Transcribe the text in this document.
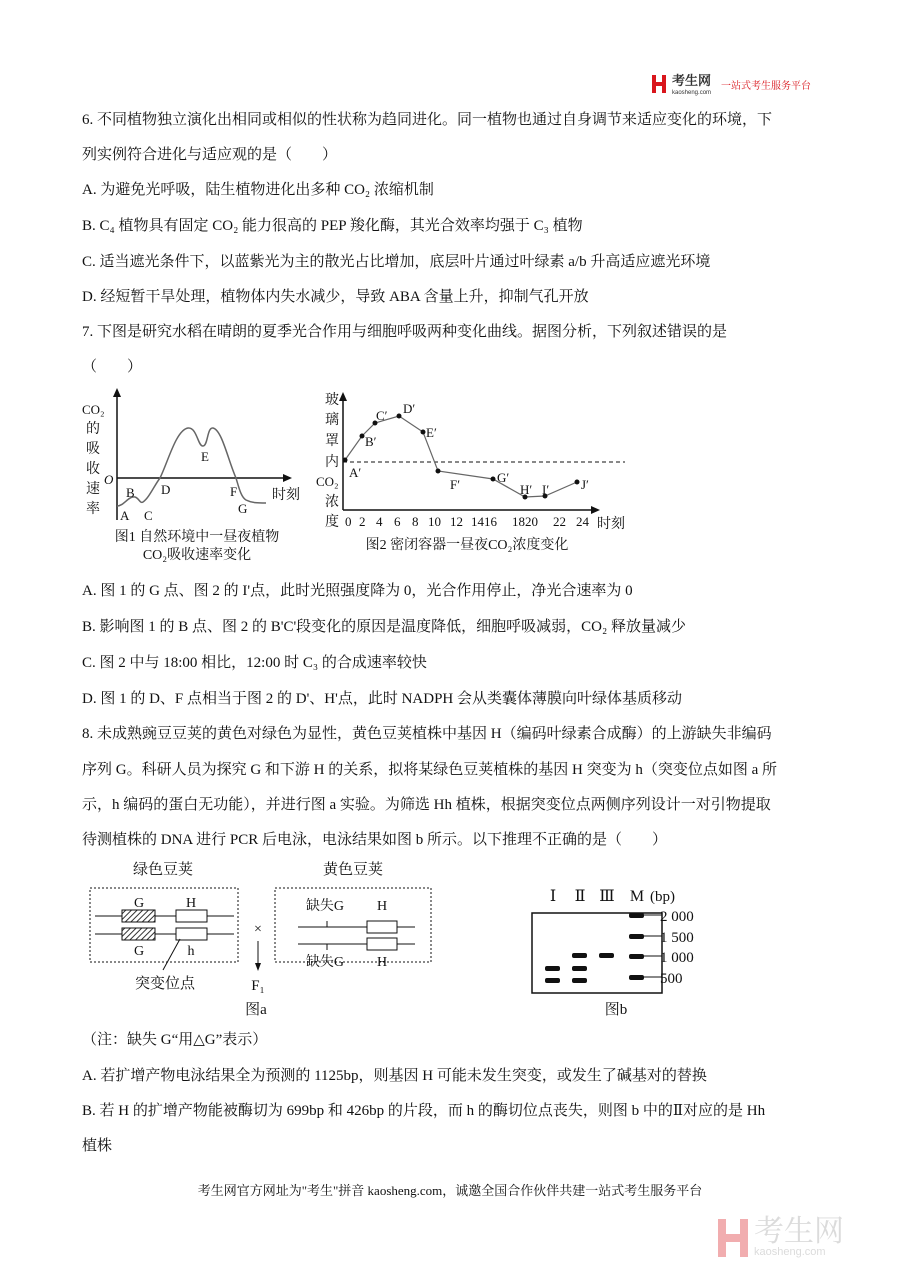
考生网
kaosheng.com
一站式考生服务平台
6. 不同植物独立演化出相同或相似的性状称为趋同进化。同一植物也通过自身调节来适应变化的环境，下
列实例符合进化与适应观的是（　　）
A. 为避免光呼吸，陆生植物进化出多种 CO₂ 浓缩机制
B. C₄ 植物具有固定 CO₂ 能力很高的 PEP 羧化酶，其光合效率均强于 C₃ 植物
C. 适当遮光条件下，以蓝紫光为主的散光占比增加，底层叶片通过叶绿素 a/b 升高适应遮光环境
D. 经短暂干旱处理，植物体内失水减少，导致 ABA 含量上升，抑制气孔开放
7. 下图是研究水稻在晴朗的夏季光合作用与细胞呼吸两种变化曲线。据图分析，下列叙述错误的是
（　　）
CO₂
的
吸
收
速
率
O
A
B
C
D
E
F
G
时刻
图1 自然环境中一昼夜植物
CO₂吸收速率变化
玻
璃
罩
内
CO₂
浓
度 0 2 4 6 8 10 12 1416 1820 22 24 时刻
A′
B′
C′ D′
E′
F′	G′
H′ I′ J′
图2 密闭容器一昼夜CO₂浓度变化
A. 图 1 的 G 点、图 2 的 I'点，此时光照强度降为 0，光合作用停止，净光合速率为 0
B. 影响图 1 的 B 点、图 2 的 B'C'段变化的原因是温度降低，细胞呼吸减弱，CO₂ 释放量减少
C. 图 2 中与 18:00 相比，12:00 时 C₃ 的合成速率较快
D. 图 1 的 D、F 点相当于图 2 的 D'、H'点，此时 NADPH 会从类囊体薄膜向叶绿体基质移动
8. 未成熟豌豆豆荚的黄色对绿色为显性，黄色豆荚植株中基因 H（编码叶绿素合成酶）的上游缺失非编码
序列 G。科研人员为探究 G 和下游 H 的关系，拟将某绿色豆荚植株的基因 H 突变为 h（突变位点如图 a 所
示，h 编码的蛋白无功能），并进行图 a 实验。为筛选 Hh 植株，根据突变位点两侧序列设计一对引物提取
待测植株的 DNA 进行 PCR 后电泳，电泳结果如图 b 所示。以下推理不正确的是（　　）
绿色豆荚	黄色豆荚
G	H
G	h
突变位点
×
F₁
缺失G H
缺失G H
图a
Ⅰ Ⅱ Ⅲ M (bp)
2 000
1 500
1 000
500
图b
（注：缺失 G“用△G”表示）
A. 若扩增产物电泳结果全为预测的 1125bp，则基因 H 可能未发生突变，或发生了碱基对的替换
B. 若 H 的扩增产物能被酶切为 699bp 和 426bp 的片段，而 h 的酶切位点丧失，则图 b 中的Ⅱ对应的是 Hh
植株
考生网官方网址为"考生"拼音 kaosheng.com，诚邀全国合作伙伴共建一站式考生服务平台
考生网
kaosheng.com
